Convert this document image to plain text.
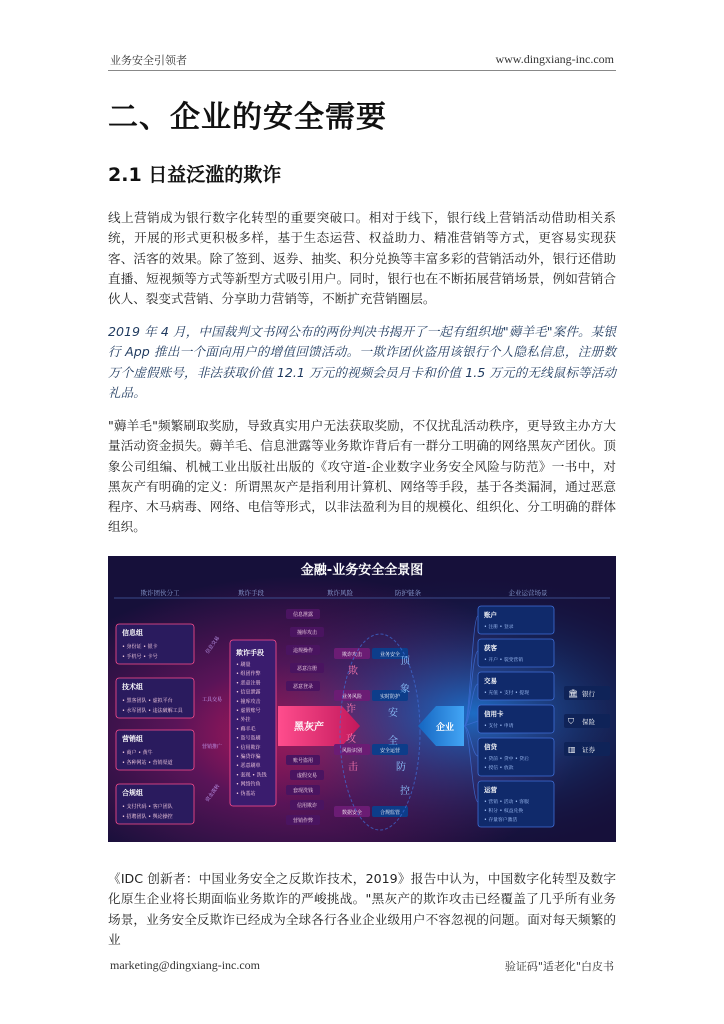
业务安全引领者	www.dingxiang-inc.com
二、企业的安全需要
2.1 日益泛滥的欺诈
线上营销成为银行数字化转型的重要突破口。相对于线下，银行线上营销活动借助相关系统，开展的形式更积极多样，基于生态运营、权益助力、精准营销等方式，更容易实现获客、活客的效果。除了签到、返券、抽奖、积分兑换等丰富多彩的营销活动外，银行还借助直播、短视频等方式等新型方式吸引用户。同时，银行也在不断拓展营销场景，例如营销合伙人、裂变式营销、分享助力营销等，不断扩充营销圈层。
2019 年 4 月，中国裁判文书网公布的两份判决书揭开了一起有组织地"薅羊毛"案件。某银行 App 推出一个面向用户的增值回馈活动。一欺诈团伙盗用该银行个人隐私信息，注册数万个虚假账号，非法获取价值 12.1 万元的视频会员月卡和价值 1.5 万元的无线鼠标等活动礼品。
"薅羊毛"频繁刷取奖励，导致真实用户无法获取奖励，不仅扰乱活动秩序，更导致主办方大量活动资金损失。薅羊毛、信息泄露等业务欺诈背后有一群分工明确的网络黑灰产团伙。顶象公司组编、机械工业出版社出版的《攻守道-企业数字业务安全风险与防范》一书中，对黑灰产有明确的定义：所谓黑灰产是指利用计算机、网络等手段，基于各类漏洞，通过恶意程序、木马病毒、网络、电信等形式，以非法盈利为目的规模化、组织化、分工明确的群体组织。
金融-业务安全全景图
欺诈团伙分工	欺诈手段	欺诈风险	防护链条	企业运营场景
信息组
• 身份证 • 银卡
• 手机号 • 卡号
技术组
• 黑客团队 • 虚拟平台
• 水军团队 • 违法破解工具
营销组
• 商户 • 黄牛
• 各种网站 • 营销渠道
合规组
• 支付代码 • 客户团队
• 招聘团队 • 舆论操控
信息交易
工具交易
营销推广
资金流转
欺诈手段
• 刷量
• 组团作弊
• 恶意注册
• 信息泄露
• 撞库攻击
• 虚假账号
• 外挂
• 薅羊毛
• 盗号盗刷
• 信用欺诈
• 骗贷诈骗
• 恶意刷单
• 套现 • 洗钱
• 网络钓鱼
• 伪基站
黑灰产
信息泄露
撞库攻击
违规操作
恶意注册
恶意登录
账号盗用
虚假交易
套现洗钱
信用欺诈
营销作弊
欺诈攻击	业务安全
业务风险	实时防护
风险识别	安全运营
数据安全	合规监管
欺
诈
攻
击
顶
象
安
全
防
控
企业
账户
• 注册 • 登录
获客
• 开户 • 裂变营销
交易
• 充值 • 支付 • 提现
信用卡
• 支付 • 申请
信贷
• 贷前 • 贷中 • 贷后
• 授信 • 放款
运营
• 营销 • 活动 • 客服
• 积分 • 权益兑换
• 存量客户激活
🏛 银行
⛉ 保险
▥ 证券
《IDC 创新者：中国业务安全之反欺诈技术，2019》报告中认为，中国数字化转型及数字化原生企业将长期面临业务欺诈的严峻挑战。"黑灰产的欺诈攻击已经覆盖了几乎所有业务场景，业务安全反欺诈已经成为全球各行各业企业级用户不容忽视的问题。面对每天频繁的业
marketing@dingxiang-inc.com	验证码"适老化"白皮书
